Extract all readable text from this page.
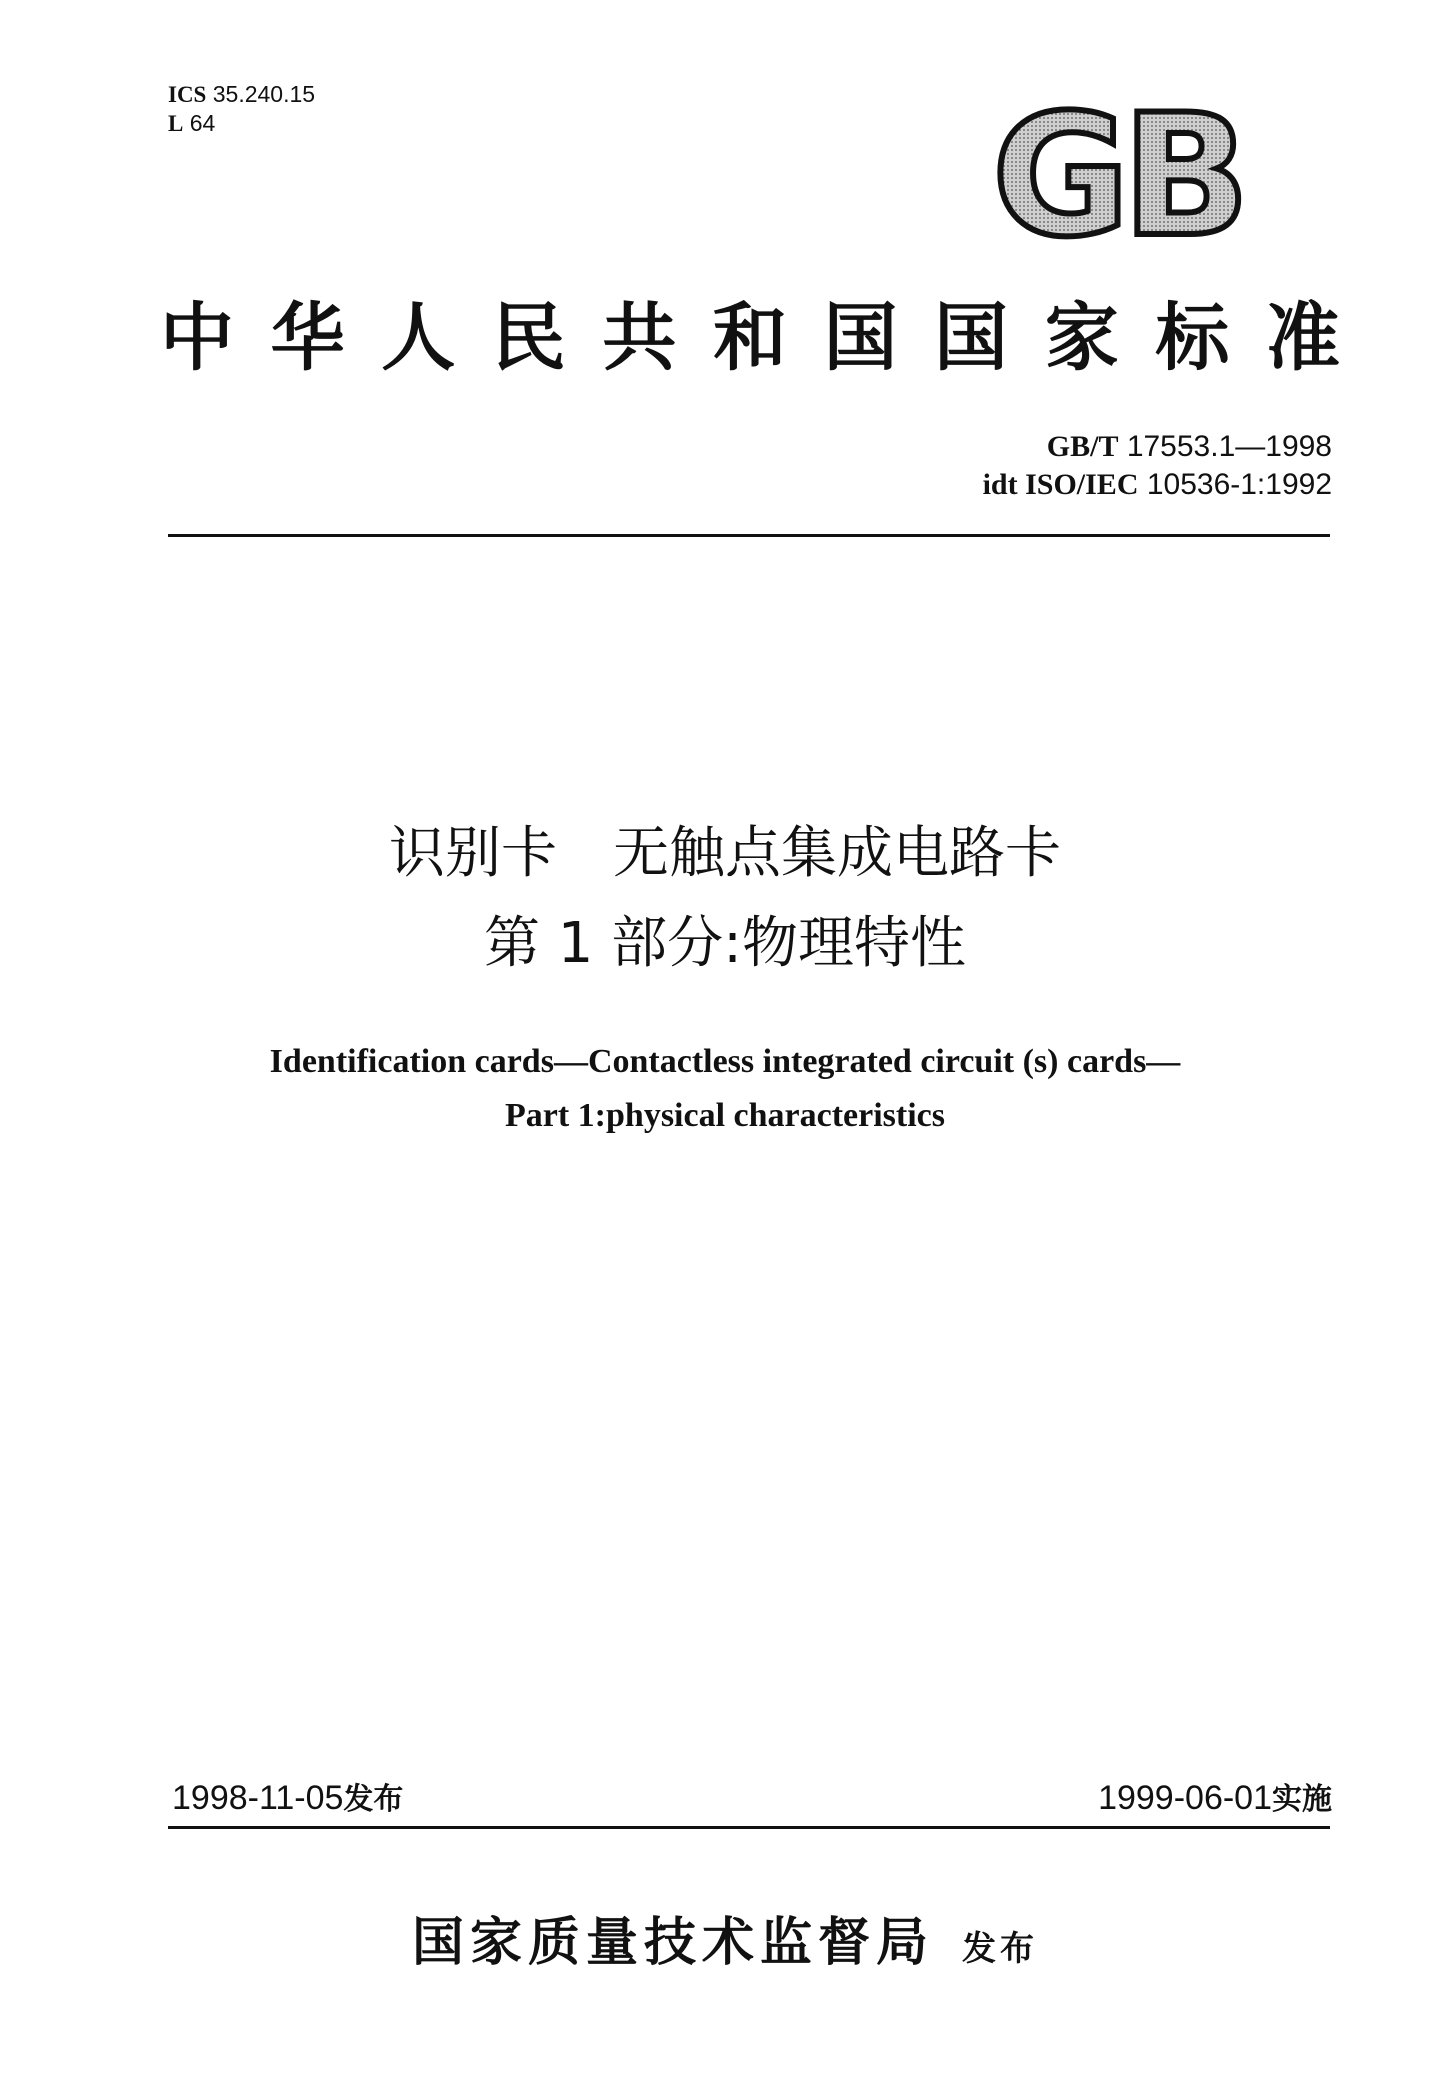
ICS 35.240.15
L 64	GB
中 华 人 民 共 和 国 国 家 标 准
GB/T 17553.1—1998
idt ISO/IEC 10536-1:1992
识别卡　无触点集成电路卡
第 1 部分:物理特性
Identification cards—Contactless integrated circuit (s) cards—
Part 1:physical characteristics
1998-11-05发布	1999-06-01实施
国家质量技术监督局 发布
